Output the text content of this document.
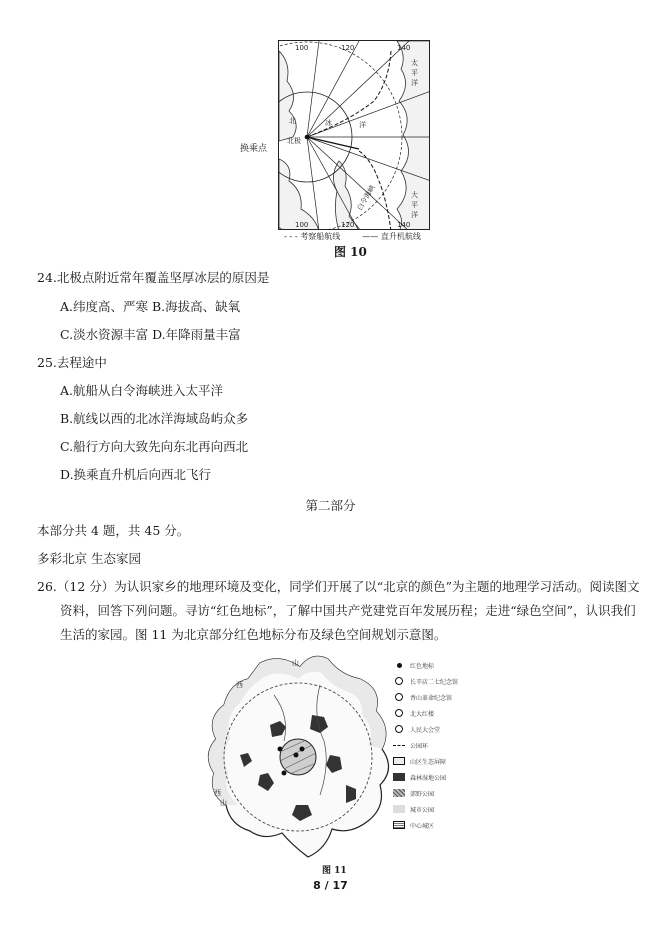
100	120	140
100	120	140
北	冰	洋
太
平
洋
大
平
洋
北极
白令海峡
换乘点
- - - 考察船航线	—— 直升机航线
图 10
24.北极点附近常年覆盖坚厚冰层的原因是
A.纬度高、严寒 B.海拔高、缺氧
C.淡水资源丰富 D.年降雨量丰富
25.去程途中
A.航船从白令海峡进入太平洋
B.航线以西的北冰洋海域岛屿众多
C.船行方向大致先向东北再向西北
D.换乘直升机后向西北飞行
第二部分
本部分共 4 题，共 45 分。
多彩北京 生态家园
26.（12 分）为认识家乡的地理环境及变化，同学们开展了以“北京的颜色”为主题的地理学习活动。阅读图文
资料，回答下列问题。寻访“红色地标”，了解中国共产党建党百年发展历程；走进“绿色空间”，认识我们
生活的家园。图 11 为北京部分红色地标分布及绿色空间规划示意图。
山
西
西
山
图 11
红色地标
长辛店二七纪念馆
香山革命纪念馆
北大红楼
人民大会堂
公园环
山区生态屏障
森林湿地公园
郊野公园
城市公园
中心城区
8 / 17
